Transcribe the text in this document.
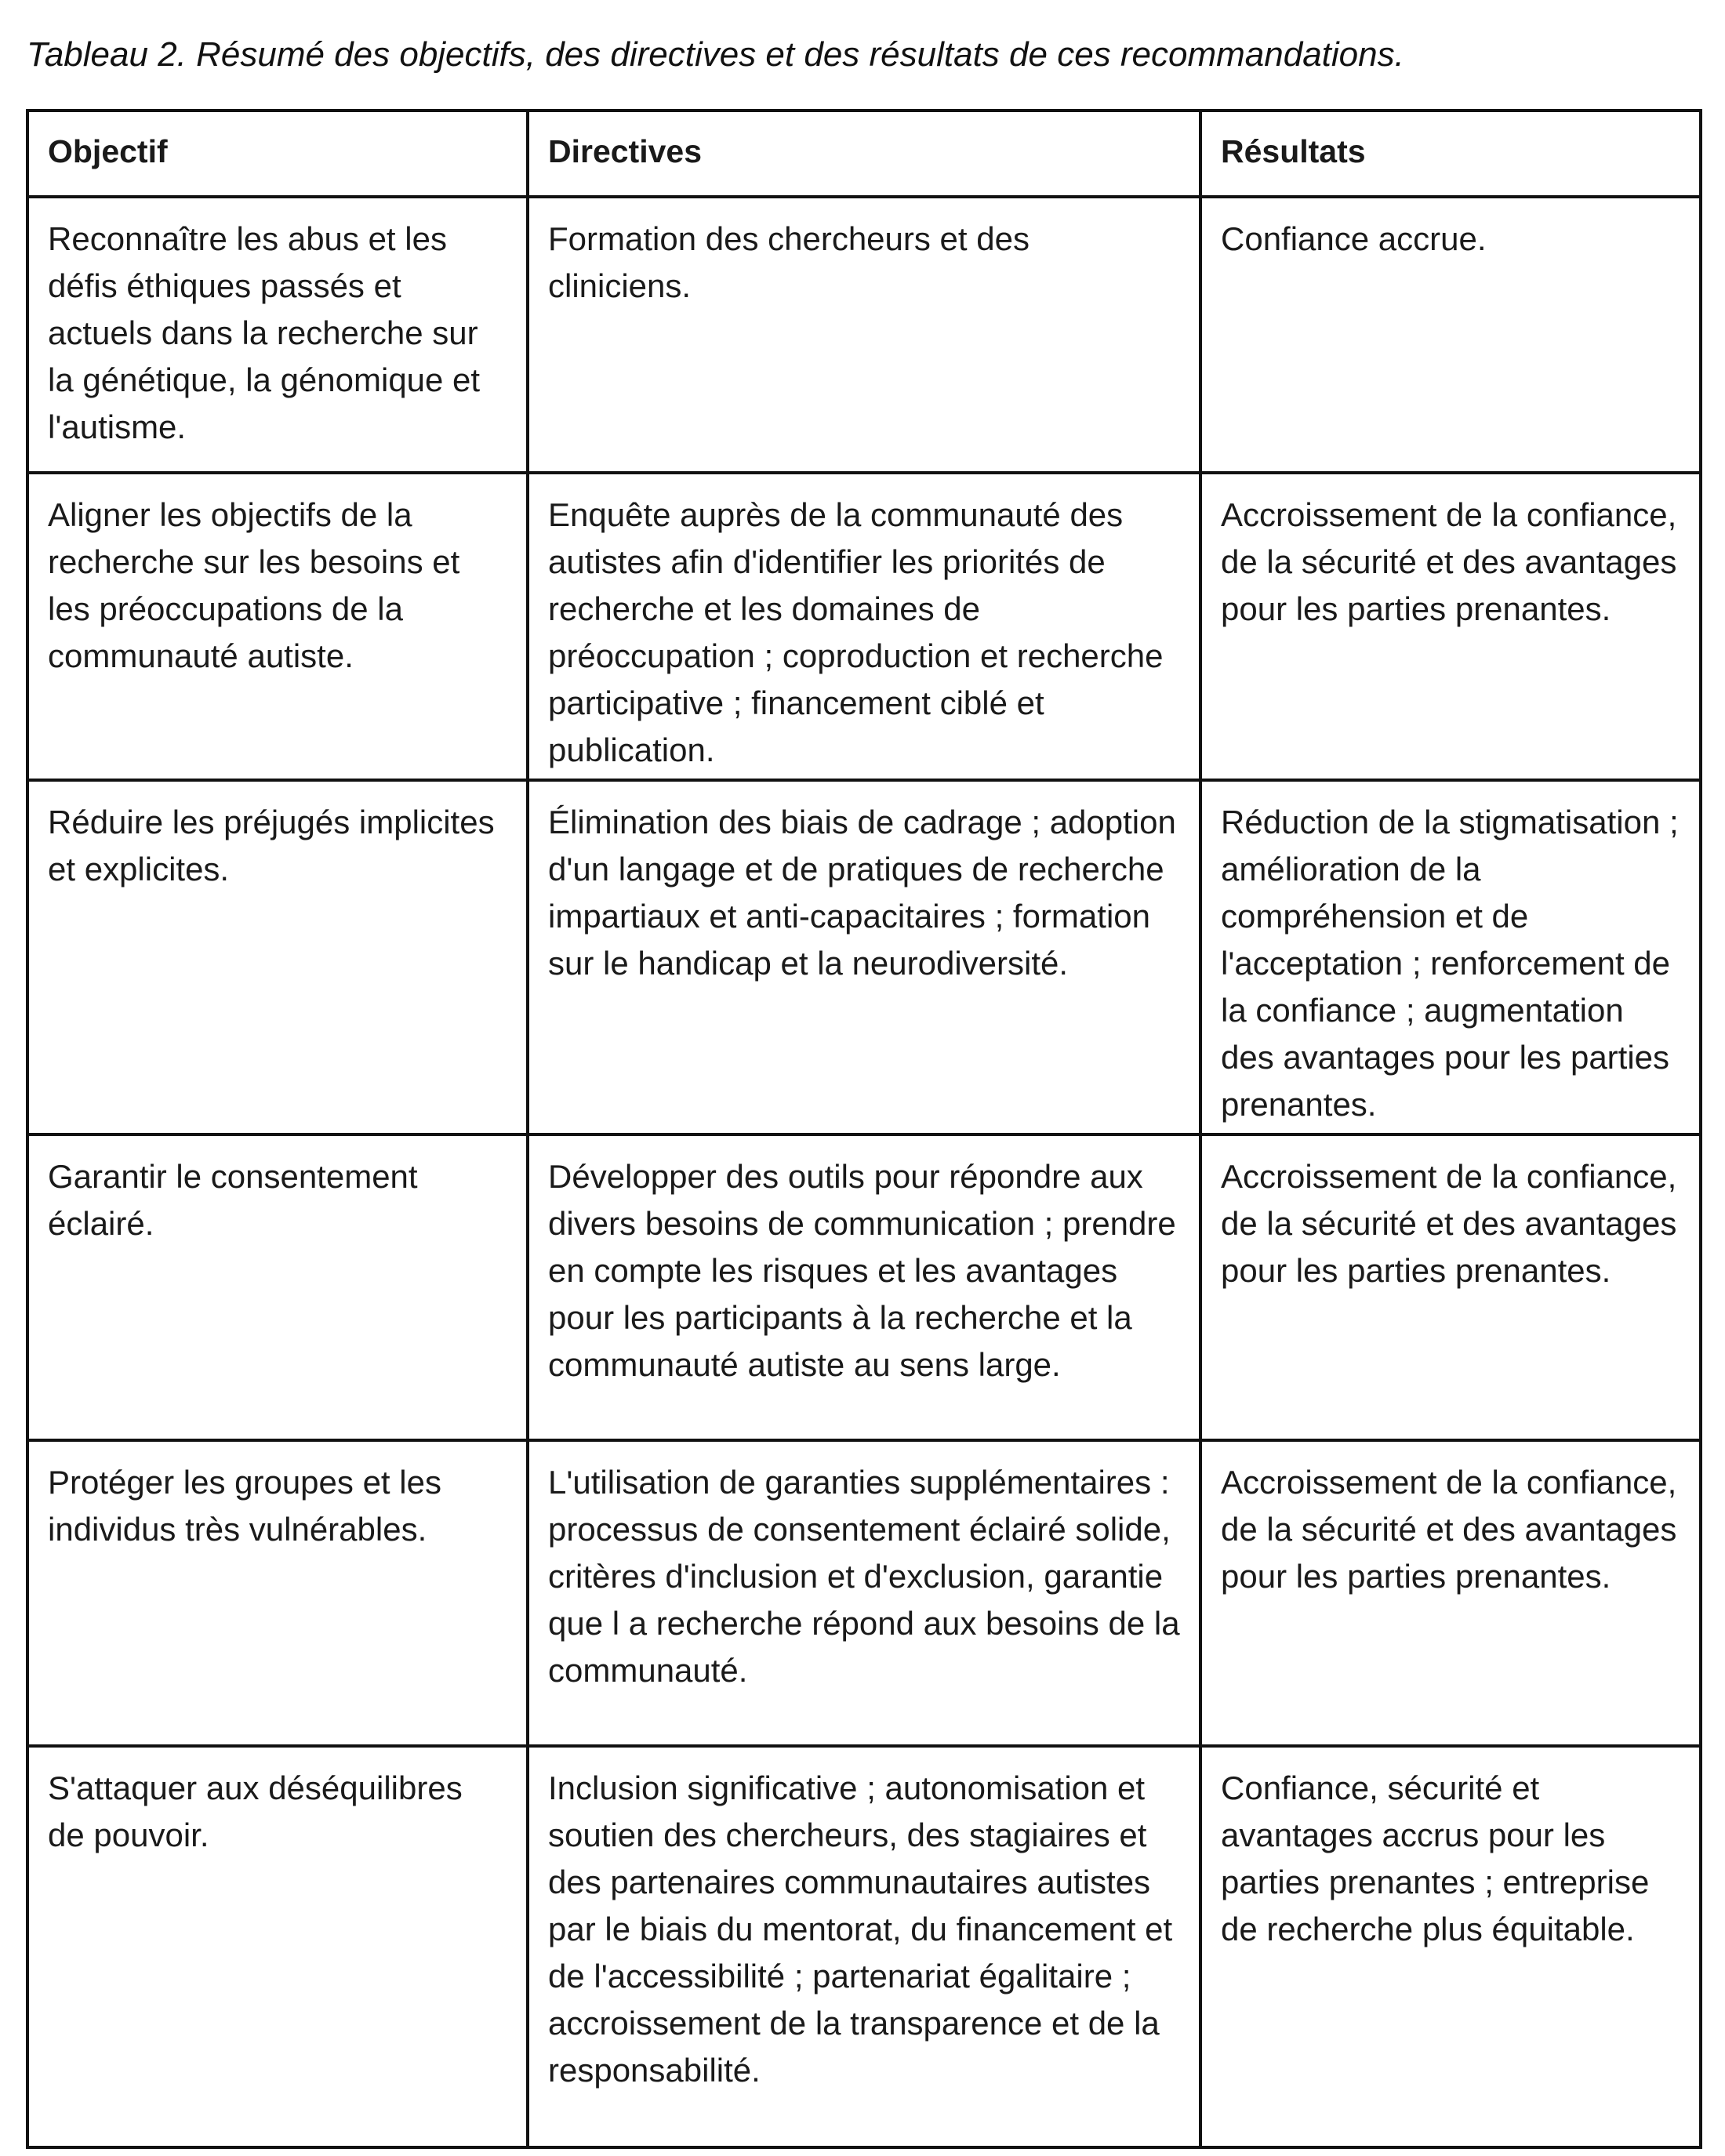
Tableau 2. Résumé des objectifs, des directives et des résultats de ces recommandations.
Objectif	Directives	Résultats
Reconnaître les abus et les défis éthiques passés et actuels dans la recherche sur la génétique, la génomique et l'autisme.	Formation des chercheurs et des cliniciens.	Confiance accrue.
Aligner les objectifs de la recherche sur les besoins et les préoccupations de la communauté autiste.	Enquête auprès de la communauté des autistes afin d'identifier les priorités de recherche et les domaines de préoccupation ; coproduction et recherche participative ; financement ciblé et publication.	Accroissement de la confiance, de la sécurité et des avantages pour les parties prenantes.
Réduire les préjugés implicites et explicites.	Élimination des biais de cadrage ; adoption d'un langage et de pratiques de recherche impartiaux et anti-capacitaires ; formation sur le handicap et la neurodiversité.	Réduction de la stigmatisation ; amélioration de la compréhension et de l'acceptation ; renforcement de la confiance ; augmentation des avantages pour les parties prenantes.
Garantir le consentement éclairé.	Développer des outils pour répondre aux divers besoins de communication ; prendre en compte les risques et les avantages pour les participants à la recherche et la communauté autiste au sens large.	Accroissement de la confiance, de la sécurité et des avantages pour les parties prenantes.
Protéger les groupes et les individus très vulnérables.	L'utilisation de garanties supplémentaires : processus de consentement éclairé solide, critères d'inclusion et d'exclusion, garantie que l a recherche répond aux besoins de la communauté.	Accroissement de la confiance, de la sécurité et des avantages pour les parties prenantes.
S'attaquer aux déséquilibres de pouvoir.	Inclusion significative ; autonomisation et soutien des chercheurs, des stagiaires et des partenaires communautaires autistes par le biais du mentorat, du financement et de l'accessibilité ; partenariat égalitaire ; accroissement de la transparence et de la responsabilité.	Confiance, sécurité et avantages accrus pour les parties prenantes ; entreprise de recherche plus équitable.
